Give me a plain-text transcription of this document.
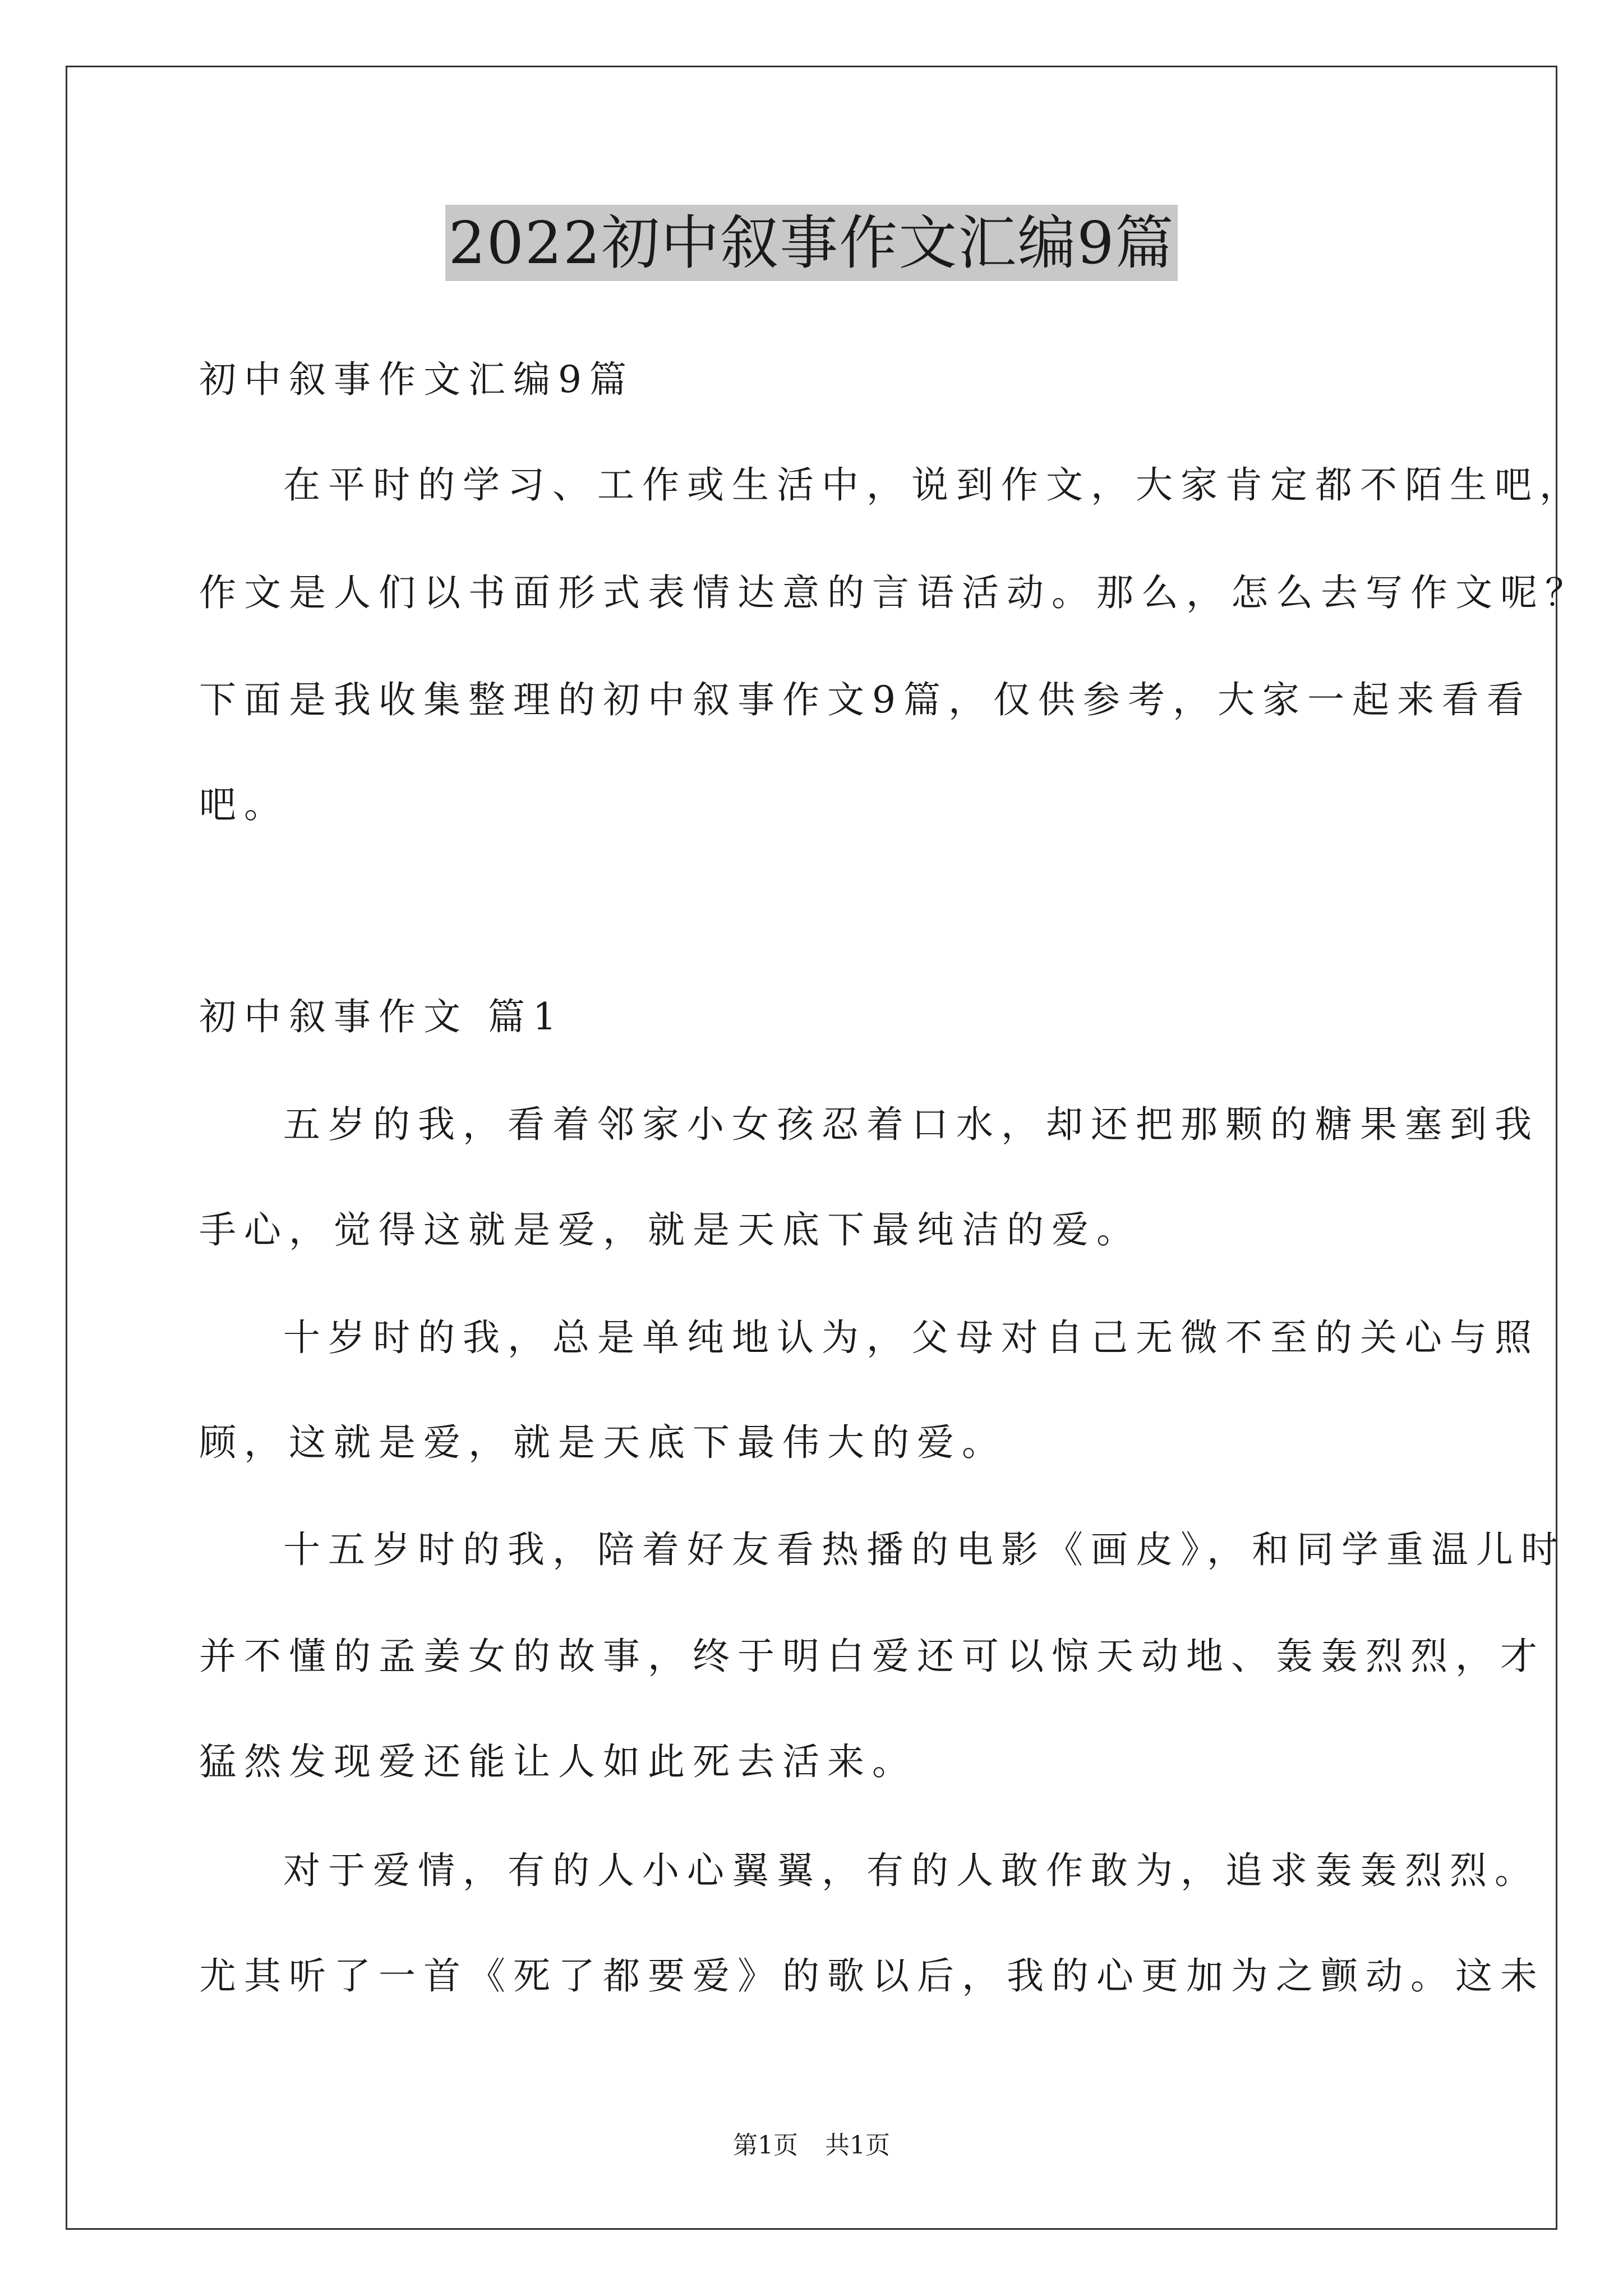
2022初中叙事作文汇编9篇
初中叙事作文汇编9篇
在平时的学习、工作或生活中，说到作文，大家肯定都不陌生吧，
作文是人们以书面形式表情达意的言语活动。那么，怎么去写作文呢？
下面是我收集整理的初中叙事作文9篇，仅供参考，大家一起来看看
吧。
初中叙事作文 篇1
五岁的我，看着邻家小女孩忍着口水，却还把那颗的糖果塞到我
手心，觉得这就是爱，就是天底下最纯洁的爱。
十岁时的我，总是单纯地认为，父母对自己无微不至的关心与照
顾，这就是爱，就是天底下最伟大的爱。
十五岁时的我，陪着好友看热播的电影《画皮》，和同学重温儿时
并不懂的孟姜女的故事，终于明白爱还可以惊天动地、轰轰烈烈，才
猛然发现爱还能让人如此死去活来。
对于爱情，有的人小心翼翼，有的人敢作敢为，追求轰轰烈烈。
尤其听了一首《死了都要爱》的歌以后，我的心更加为之颤动。这未
第1页 共1页
